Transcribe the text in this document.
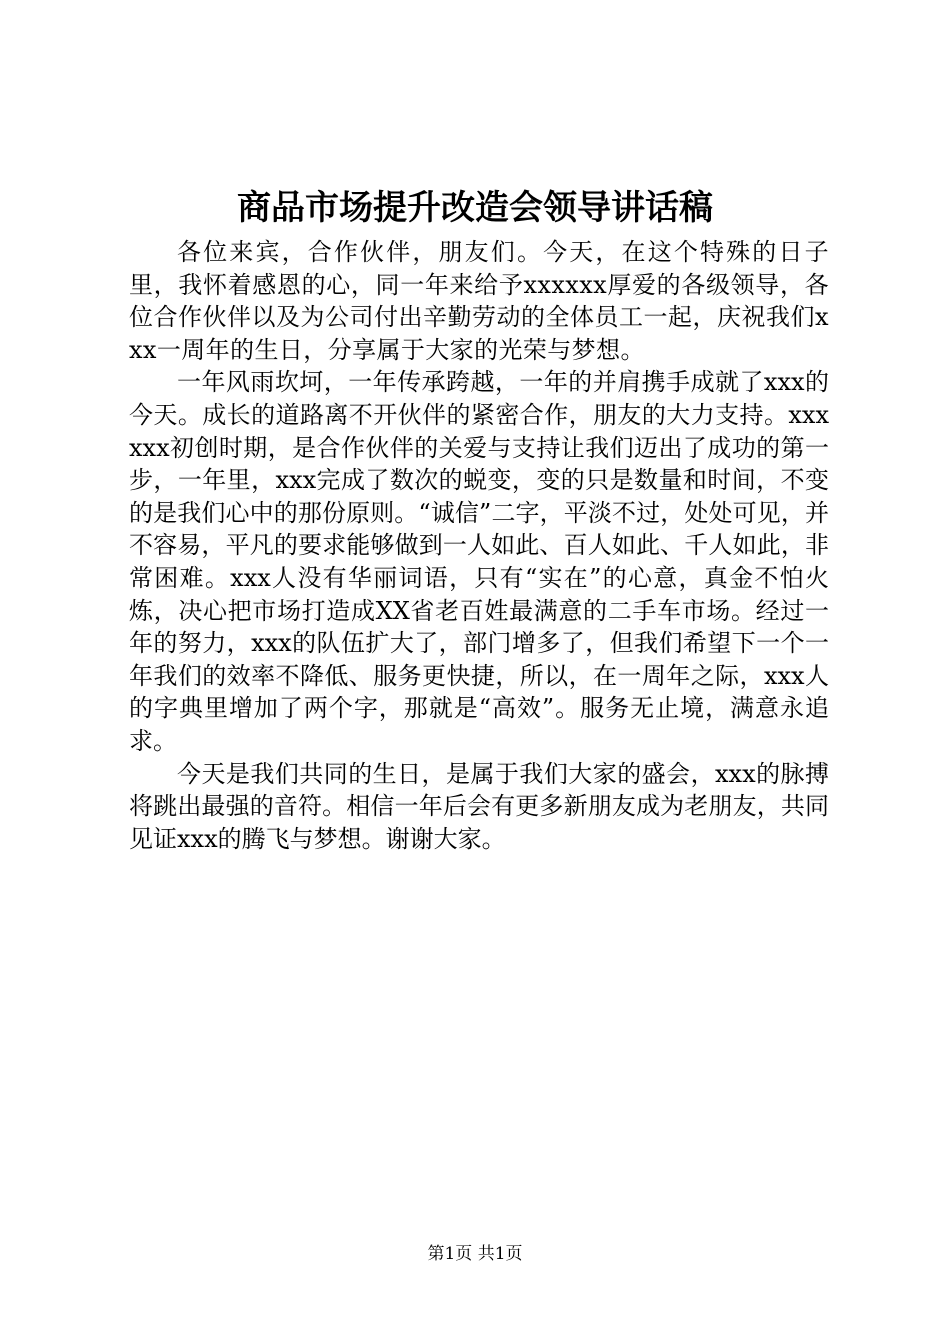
商品市场提升改造会领导讲话稿

各位来宾，合作伙伴，朋友们。今天，在这个特殊的日子里，我怀着感恩的心，同一年来给予xxxxxx厚爱的各级领导，各位合作伙伴以及为公司付出辛勤劳动的全体员工一起，庆祝我们xxx一周年的生日，分享属于大家的光荣与梦想。

一年风雨坎坷，一年传承跨越，一年的并肩携手成就了xxx的今天。成长的道路离不开伙伴的紧密合作，朋友的大力支持。xxxxxx初创时期，是合作伙伴的关爱与支持让我们迈出了成功的第一步，一年里，xxx完成了数次的蜕变，变的只是数量和时间，不变的是我们心中的那份原则。“诚信”二字，平淡不过，处处可见，并不容易，平凡的要求能够做到一人如此、百人如此、千人如此，非常困难。xxx人没有华丽词语，只有“实在”的心意，真金不怕火炼，决心把市场打造成XX省老百姓最满意的二手车市场。经过一年的努力，xxx的队伍扩大了，部门增多了，但我们希望下一个一年我们的效率不降低、服务更快捷，所以，在一周年之际，xxx人的字典里增加了两个字，那就是“高效”。服务无止境，满意永追求。

今天是我们共同的生日，是属于我们大家的盛会，xxx的脉搏将跳出最强的音符。相信一年后会有更多新朋友成为老朋友，共同见证xxx的腾飞与梦想。谢谢大家。

第1页 共1页
